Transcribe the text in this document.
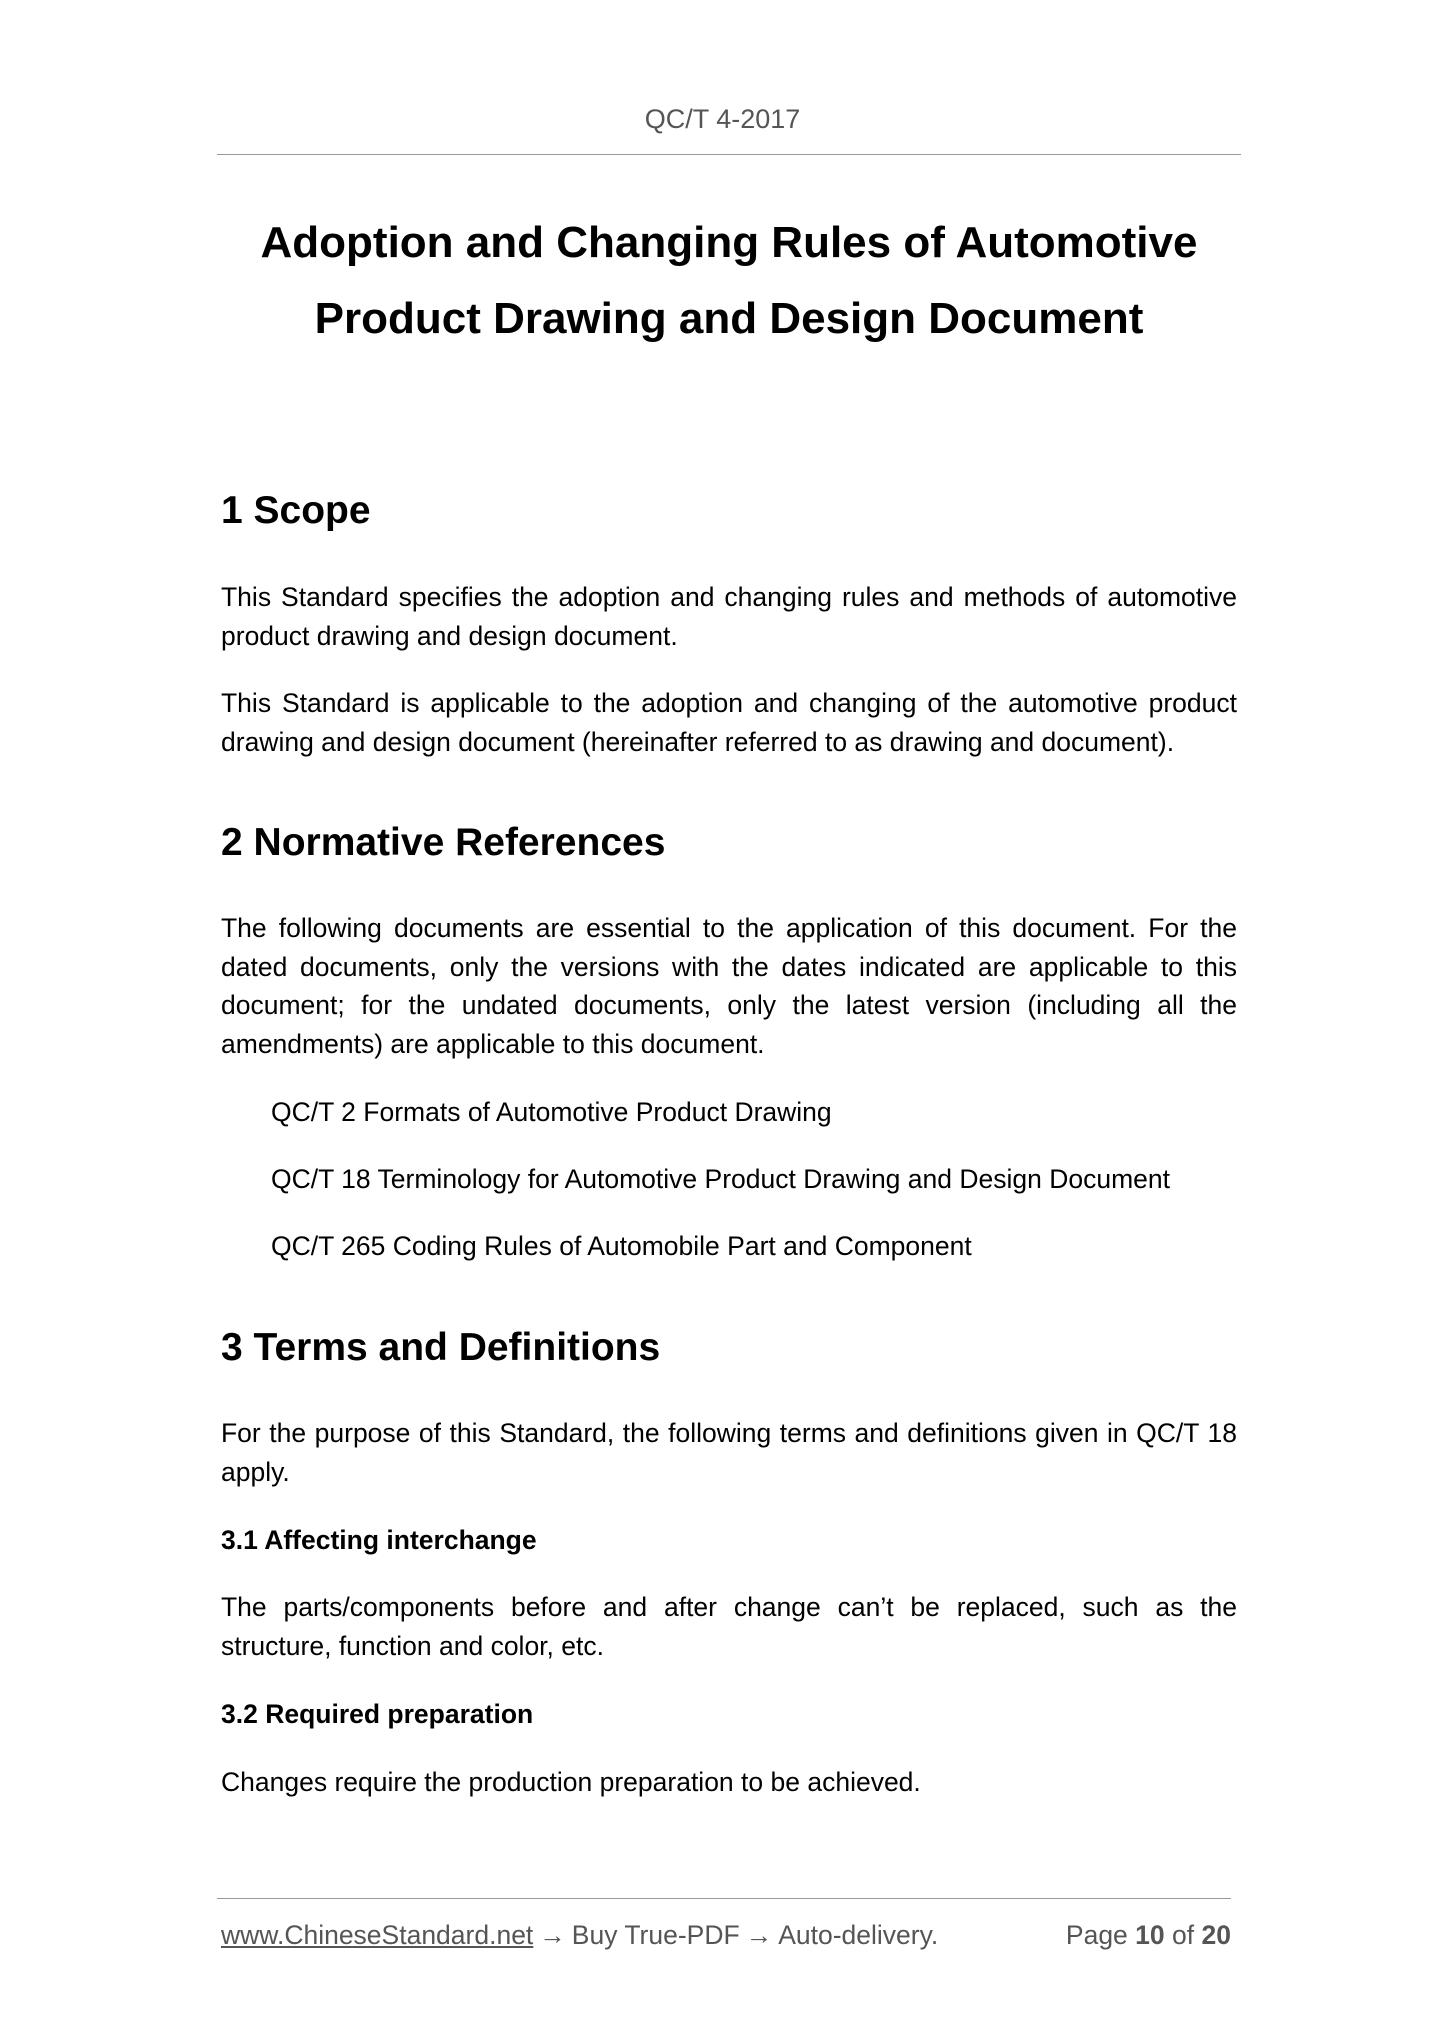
QC/T 4-2017
Adoption and Changing Rules of Automotive
Product Drawing and Design Document
1 Scope

This Standard specifies the adoption and changing rules and methods of automotive product drawing and design document.

This Standard is applicable to the adoption and changing of the automotive product drawing and design document (hereinafter referred to as drawing and document).

2 Normative References

The following documents are essential to the application of this document. For the dated documents, only the versions with the dates indicated are applicable to this document; for the undated documents, only the latest version (including all the amendments) are applicable to this document.

QC/T 2 Formats of Automotive Product Drawing

QC/T 18 Terminology for Automotive Product Drawing and Design Document

QC/T 265 Coding Rules of Automobile Part and Component

3 Terms and Definitions

For the purpose of this Standard, the following terms and definitions given in QC/T 18 apply.

3.1 Affecting interchange

The parts/components before and after change can’t be replaced, such as the structure, function and color, etc.

3.2 Required preparation

Changes require the production preparation to be achieved.

www.ChineseStandard.net → Buy True-PDF → Auto-delivery.	Page 10 of 20
